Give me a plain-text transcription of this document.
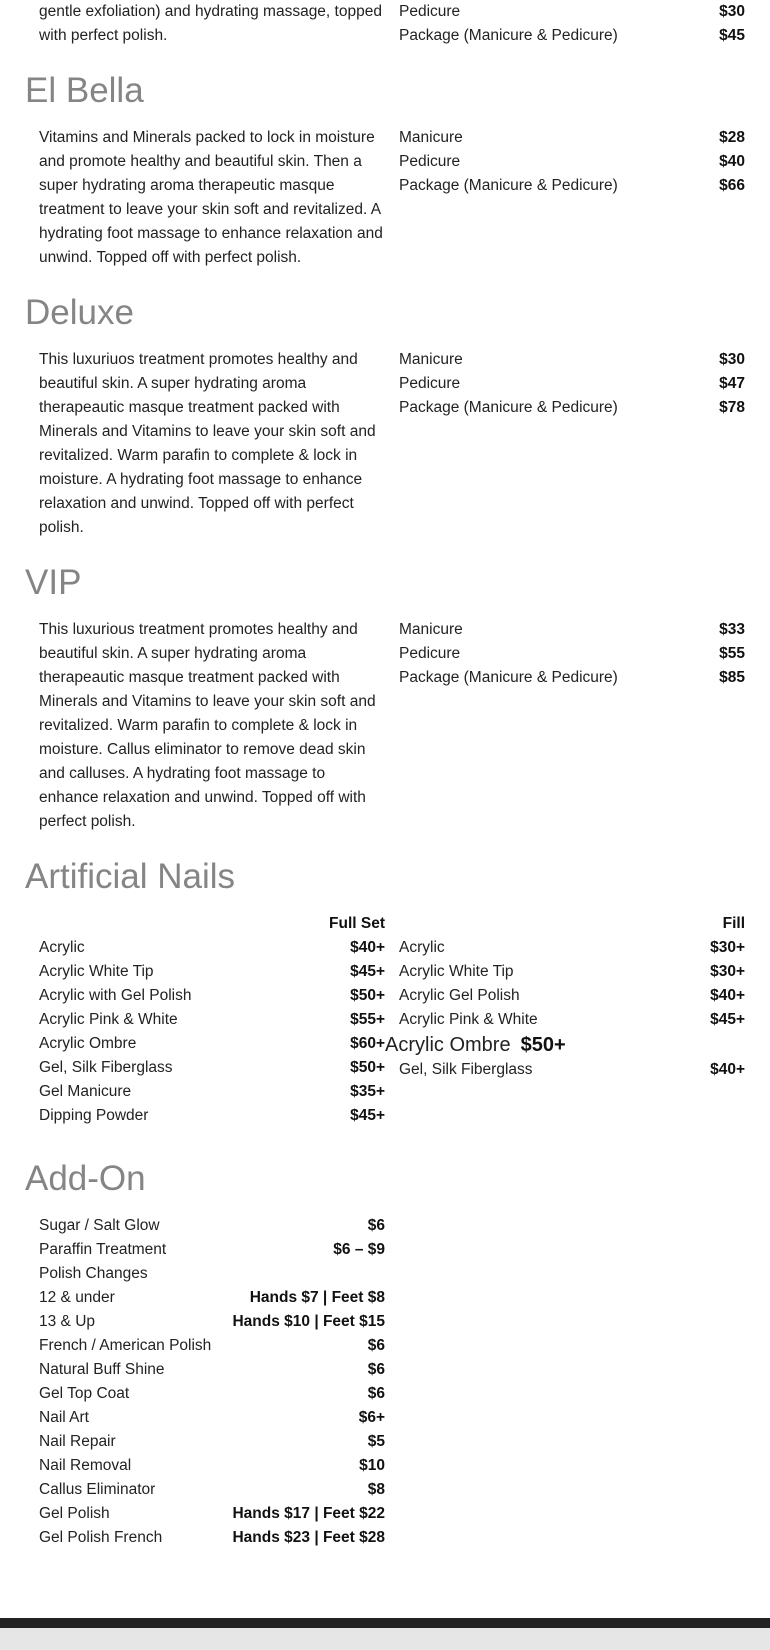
gentle exfoliation) and hydrating massage, topped with perfect polish.

Pedicure	$30
Package (Manicure & Pedicure)	$45
El Bella

Vitamins and Minerals packed to lock in moisture and promote healthy and beautiful skin. Then a super hydrating aroma therapeutic masque treatment to leave your skin soft and revitalized. A hydrating foot massage to enhance relaxation and unwind. Topped off with perfect polish.

Manicure	$28
Pedicure	$40
Package (Manicure & Pedicure)	$66
Deluxe

This luxuriuos treatment promotes healthy and beautiful skin. A super hydrating aroma therapeautic masque treatment packed with Minerals and Vitamins to leave your skin soft and revitalized. Warm parafin to complete & lock in moisture. A hydrating foot massage to enhance relaxation and unwind. Topped off with perfect polish.

Manicure	$30
Pedicure	$47
Package (Manicure & Pedicure)	$78
VIP

This luxurious treatment promotes healthy and beautiful skin. A super hydrating aroma therapeautic masque treatment packed with Minerals and Vitamins to leave your skin soft and revitalized. Warm parafin to complete & lock in moisture. Callus eliminator to remove dead skin and calluses. A hydrating foot massage to enhance relaxation and unwind. Topped off with perfect polish.

Manicure	$33
Pedicure	$55
Package (Manicure & Pedicure)	$85
Artificial Nails
Full Set
Acrylic	$40+
Acrylic White Tip	$45+
Acrylic with Gel Polish	$50+
Acrylic Pink & White	$55+
Acrylic Ombre	$60+
Gel, Silk Fiberglass	$50+
Gel Manicure	$35+
Dipping Powder	$45+
Fill
Acrylic	$30+
Acrylic White Tip	$30+
Acrylic Gel Polish	$40+
Acrylic Pink & White	$45+
Acrylic Ombre $50+
Gel, Silk Fiberglass	$40+
Add-On
Sugar / Salt Glow	$6
Paraffin Treatment	$6 – $9
Polish Changes
12 & under	Hands $7 | Feet $8
13 & Up	Hands $10 | Feet $15
French / American Polish	$6
Natural Buff Shine	$6
Gel Top Coat	$6
Nail Art	$6+
Nail Repair	$5
Nail Removal	$10
Callus Eliminator	$8
Gel Polish	Hands $17 | Feet $22
Gel Polish French	Hands $23 | Feet $28
